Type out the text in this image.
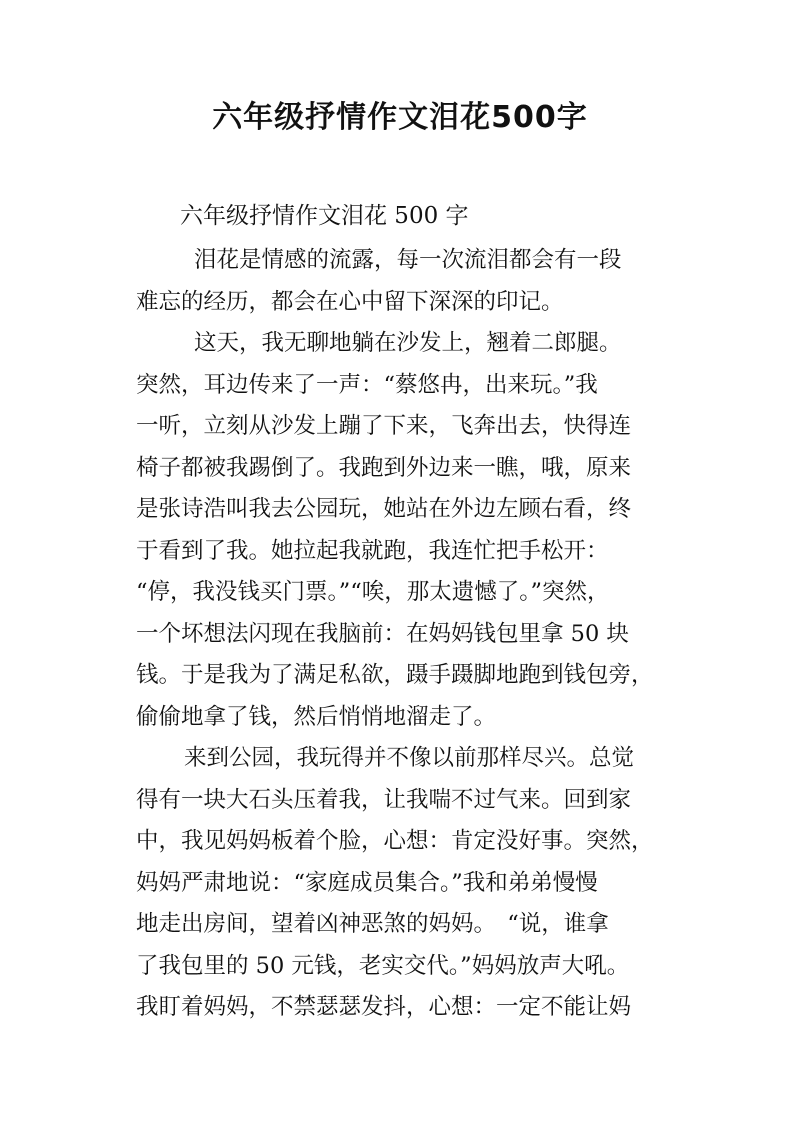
六年级抒情作文泪花500字
六年级抒情作文泪花 500 字
泪花是情感的流露，每一次流泪都会有一段
难忘的经历，都会在心中留下深深的印记。
这天，我无聊地躺在沙发上，翘着二郎腿。
突然，耳边传来了一声：“蔡悠冉，出来玩。”我
一听，立刻从沙发上蹦了下来，飞奔出去，快得连
椅子都被我踢倒了。我跑到外边来一瞧，哦，原来
是张诗浩叫我去公园玩，她站在外边左顾右看，终
于看到了我。她拉起我就跑，我连忙把手松开：
“停，我没钱买门票。”“唉，那太遗憾了。”突然，
一个坏想法闪现在我脑前：在妈妈钱包里拿 50 块
钱。于是我为了满足私欲，蹑手蹑脚地跑到钱包旁，
偷偷地拿了钱，然后悄悄地溜走了。
来到公园，我玩得并不像以前那样尽兴。总觉
得有一块大石头压着我，让我喘不过气来。回到家
中，我见妈妈板着个脸，心想：肯定没好事。突然，
妈妈严肃地说：“家庭成员集合。”我和弟弟慢慢
地走出房间，望着凶神恶煞的妈妈。　“说，谁拿
了我包里的 50 元钱，老实交代。”妈妈放声大吼。
我盯着妈妈，不禁瑟瑟发抖，心想：一定不能让妈
